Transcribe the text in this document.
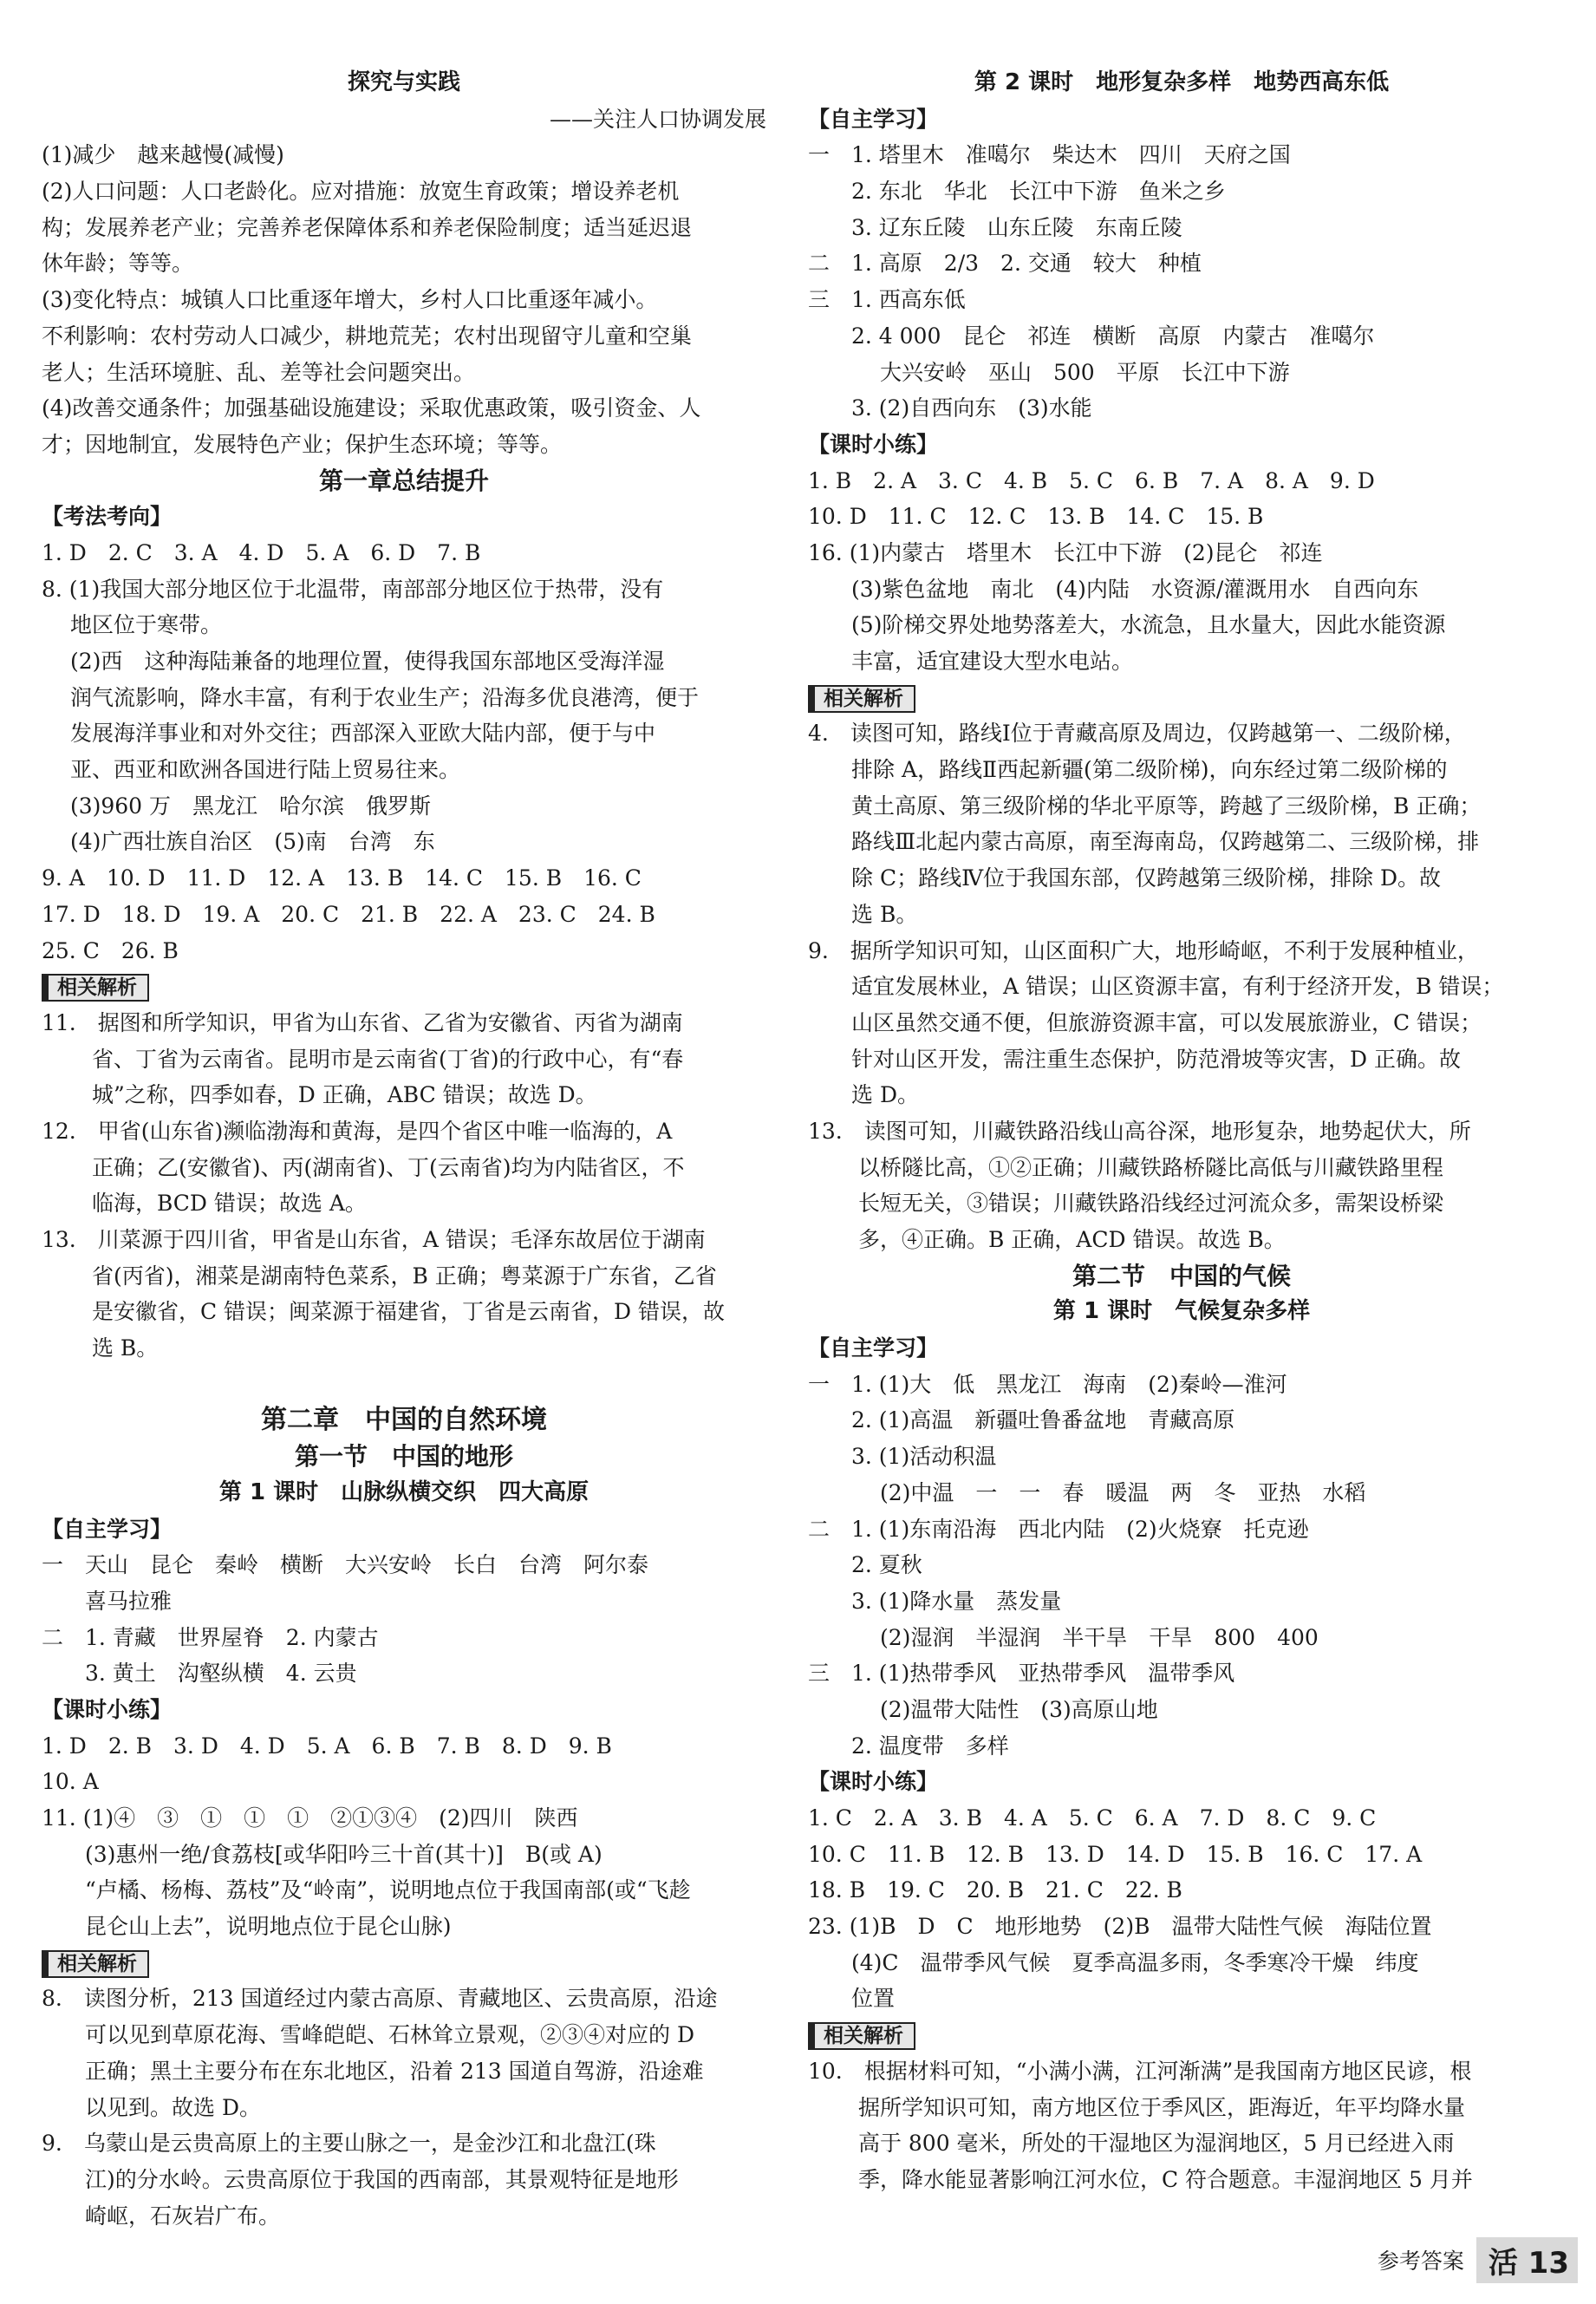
探究与实践
——关注人口协调发展
(1)减少　越来越慢(减慢)
(2)人口问题：人口老龄化。应对措施：放宽生育政策；增设养老机
构；发展养老产业；完善养老保障体系和养老保险制度；适当延迟退
休年龄；等等。
(3)变化特点：城镇人口比重逐年增大，乡村人口比重逐年减小。
不利影响：农村劳动人口减少，耕地荒芜；农村出现留守儿童和空巢
老人；生活环境脏、乱、差等社会问题突出。
(4)改善交通条件；加强基础设施建设；采取优惠政策，吸引资金、人
才；因地制宜，发展特色产业；保护生态环境；等等。
第一章总结提升
【考法考向】
1. D　2. C　3. A　4. D　5. A　6. D　7. B
8. (1)我国大部分地区位于北温带，南部部分地区位于热带，没有
　 地区位于寒带。
　 (2)西　这种海陆兼备的地理位置，使得我国东部地区受海洋湿
　 润气流影响，降水丰富，有利于农业生产；沿海多优良港湾，便于
　 发展海洋事业和对外交往；西部深入亚欧大陆内部，便于与中
　 亚、西亚和欧洲各国进行陆上贸易往来。
　 (3)960 万　黑龙江　哈尔滨　俄罗斯
　 (4)广西壮族自治区　(5)南　台湾　东
9. A　10. D　11. D　12. A　13. B　14. C　15. B　16. C
17. D　18. D　19. A　20. C　21. B　22. A　23. C　24. B
25. C　26. B
相关解析
11.　据图和所学知识，甲省为山东省、乙省为安徽省、丙省为湖南
　　 省、丁省为云南省。昆明市是云南省(丁省)的行政中心，有“春
　　 城”之称，四季如春，D 正确，ABC 错误；故选 D。
12.　甲省(山东省)濒临渤海和黄海，是四个省区中唯一临海的，A
　　 正确；乙(安徽省)、丙(湖南省)、丁(云南省)均为内陆省区，不
　　 临海，BCD 错误；故选 A。
13.　川菜源于四川省，甲省是山东省，A 错误；毛泽东故居位于湖南
　　 省(丙省)，湘菜是湖南特色菜系，B 正确；粤菜源于广东省，乙省
　　 是安徽省，C 错误；闽菜源于福建省，丁省是云南省，D 错误，故
　　 选 B。
第二章　中国的自然环境
第一节　中国的地形
第 1 课时　山脉纵横交织　四大高原
【自主学习】
一　天山　昆仑　秦岭　横断　大兴安岭　长白　台湾　阿尔泰
　　喜马拉雅
二　1. 青藏　世界屋脊　2. 内蒙古
　　3. 黄土　沟壑纵横　4. 云贵
【课时小练】
1. D　2. B　3. D　4. D　5. A　6. B　7. B　8. D　9. B
10. A
11. (1)④　③　①　①　①　②①③④　(2)四川　陕西
　　(3)惠州一绝/食荔枝[或华阳吟三十首(其十)]　B(或 A)
　　“卢橘、杨梅、荔枝”及“岭南”，说明地点位于我国南部(或“飞趁
　　昆仑山上去”，说明地点位于昆仑山脉)
相关解析
8.　读图分析，213 国道经过内蒙古高原、青藏地区、云贵高原，沿途
　　可以见到草原花海、雪峰皑皑、石林耸立景观，②③④对应的 D
　　正确；黑土主要分布在东北地区，沿着 213 国道自驾游，沿途难
　　以见到。故选 D。
9.　乌蒙山是云贵高原上的主要山脉之一，是金沙江和北盘江(珠
　　江)的分水岭。云贵高原位于我国的西南部，其景观特征是地形
　　崎岖，石灰岩广布。
第 2 课时　地形复杂多样　地势西高东低
【自主学习】
一　1. 塔里木　准噶尔　柴达木　四川　天府之国
　　2. 东北　华北　长江中下游　鱼米之乡
　　3. 辽东丘陵　山东丘陵　东南丘陵
二　1. 高原　2/3　2. 交通　较大　种植
三　1. 西高东低
　　2. 4 000　昆仑　祁连　横断　高原　内蒙古　准噶尔
　　　 大兴安岭　巫山　500　平原　长江中下游
　　3. (2)自西向东　(3)水能
【课时小练】
1. B　2. A　3. C　4. B　5. C　6. B　7. A　8. A　9. D
10. D　11. C　12. C　13. B　14. C　15. B
16. (1)内蒙古　塔里木　长江中下游　(2)昆仑　祁连
　　(3)紫色盆地　南北　(4)内陆　水资源/灌溉用水　自西向东
　　(5)阶梯交界处地势落差大，水流急，且水量大，因此水能资源
　　丰富，适宜建设大型水电站。
相关解析
4.　读图可知，路线Ⅰ位于青藏高原及周边，仅跨越第一、二级阶梯，
　　排除 A，路线Ⅱ西起新疆(第二级阶梯)，向东经过第二级阶梯的
　　黄土高原、第三级阶梯的华北平原等，跨越了三级阶梯，B 正确；
　　路线Ⅲ北起内蒙古高原，南至海南岛，仅跨越第二、三级阶梯，排
　　除 C；路线Ⅳ位于我国东部，仅跨越第三级阶梯，排除 D。故
　　选 B。
9.　据所学知识可知，山区面积广大，地形崎岖，不利于发展种植业，
　　适宜发展林业，A 错误；山区资源丰富，有利于经济开发，B 错误；
　　山区虽然交通不便，但旅游资源丰富，可以发展旅游业，C 错误；
　　针对山区开发，需注重生态保护，防范滑坡等灾害，D 正确。故
　　选 D。
13.　读图可知，川藏铁路沿线山高谷深，地形复杂，地势起伏大，所
　　 以桥隧比高，①②正确；川藏铁路桥隧比高低与川藏铁路里程
　　 长短无关，③错误；川藏铁路沿线经过河流众多，需架设桥梁
　　 多，④正确。B 正确，ACD 错误。故选 B。
第二节　中国的气候
第 1 课时　气候复杂多样
【自主学习】
一　1. (1)大　低　黑龙江　海南　(2)秦岭—淮河
　　2. (1)高温　新疆吐鲁番盆地　青藏高原
　　3. (1)活动积温
　　　 (2)中温　一　一　春　暖温　两　冬　亚热　水稻
二　1. (1)东南沿海　西北内陆　(2)火烧寮　托克逊
　　2. 夏秋
　　3. (1)降水量　蒸发量
　　　 (2)湿润　半湿润　半干旱　干旱　800　400
三　1. (1)热带季风　亚热带季风　温带季风
　　　 (2)温带大陆性　(3)高原山地
　　2. 温度带　多样
【课时小练】
1. C　2. A　3. B　4. A　5. C　6. A　7. D　8. C　9. C
10. C　11. B　12. B　13. D　14. D　15. B　16. C　17. A
18. B　19. C　20. B　21. C　22. B
23. (1)B　D　C　地形地势　(2)B　温带大陆性气候　海陆位置
　　(4)C　温带季风气候　夏季高温多雨，冬季寒冷干燥　纬度
　　位置
相关解析
10.　根据材料可知，“小满小满，江河渐满”是我国南方地区民谚，根
　　 据所学知识可知，南方地区位于季风区，距海近，年平均降水量
　　 高于 800 毫米，所处的干湿地区为湿润地区，5 月已经进入雨
　　 季，降水能显著影响江河水位，C 符合题意。丰湿润地区 5 月并
参考答案 活 13
